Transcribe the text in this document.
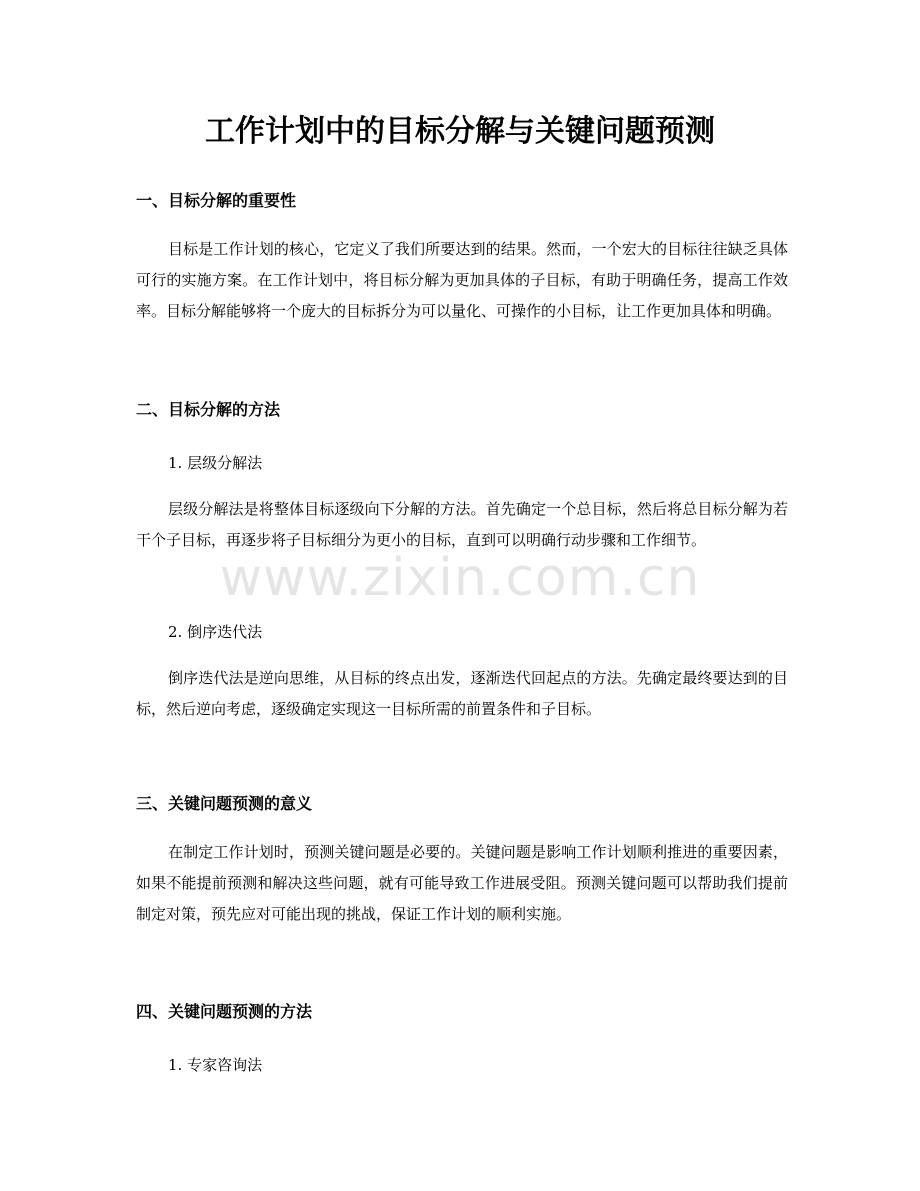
工作计划中的目标分解与关键问题预测
一、目标分解的重要性
目标是工作计划的核心，它定义了我们所要达到的结果。然而，一个宏大的目标往往缺乏具体可行的实施方案。在工作计划中，将目标分解为更加具体的子目标，有助于明确任务，提高工作效率。目标分解能够将一个庞大的目标拆分为可以量化、可操作的小目标，让工作更加具体和明确。
二、目标分解的方法
1. 层级分解法
层级分解法是将整体目标逐级向下分解的方法。首先确定一个总目标，然后将总目标分解为若干个子目标，再逐步将子目标细分为更小的目标，直到可以明确行动步骤和工作细节。
2. 倒序迭代法
倒序迭代法是逆向思维，从目标的终点出发，逐渐迭代回起点的方法。先确定最终要达到的目标，然后逆向考虑，逐级确定实现这一目标所需的前置条件和子目标。
三、关键问题预测的意义
在制定工作计划时，预测关键问题是必要的。关键问题是影响工作计划顺利推进的重要因素，如果不能提前预测和解决这些问题，就有可能导致工作进展受阻。预测关键问题可以帮助我们提前制定对策，预先应对可能出现的挑战，保证工作计划的顺利实施。
四、关键问题预测的方法
1. 专家咨询法
www.zixin.com.cn
